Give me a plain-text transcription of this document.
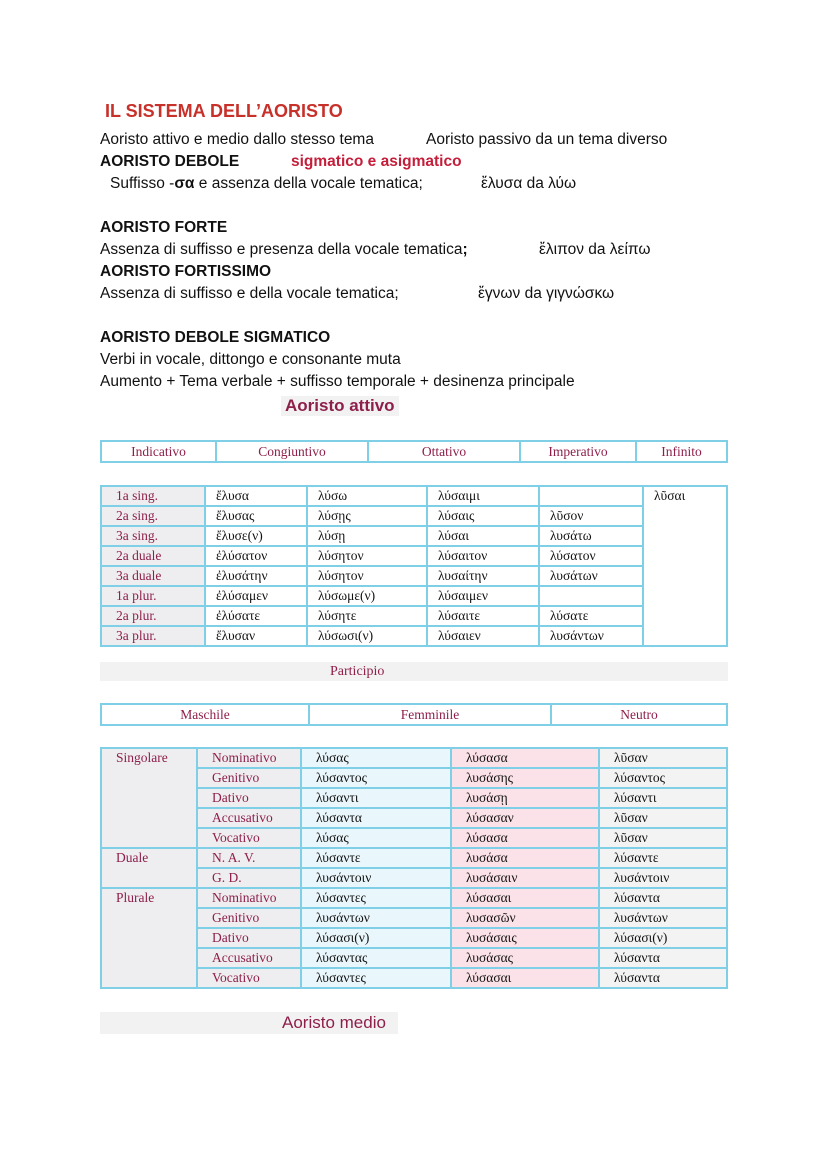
IL SISTEMA DELL’AORISTO
Aoristo attivo e medio dallo stesso tema	Aoristo passivo da un tema diverso
AORISTO DEBOLE	sigmatico e asigmatico
Suffisso -σα e assenza della vocale tematica;	ἔλυσα da λύω
AORISTO FORTE
Assenza di suffisso e presenza della vocale tematica;	ἔλιπον da λείπω
AORISTO FORTISSIMO
Assenza di suffisso e della vocale tematica;	ἔγνων da γιγνώσκω
AORISTO DEBOLE SIGMATICO
Verbi in vocale, dittongo e consonante muta
Aumento + Tema verbale + suffisso temporale + desinenza principale
Aoristo attivo
Indicativo	Congiuntivo	Ottativo	Imperativo	Infinito
1a sing.	ἔλυσα	λύσω	λύσαιμι		λῦσαι
2a sing.	ἔλυσας	λύσῃς	λύσαις	λῦσον	
3a sing.	ἔλυσε(ν)	λύσῃ	λύσαι	λυσάτω	
2a duale	ἐλύσατον	λύσητον	λύσαιτον	λύσατον	
3a duale	ἐλυσάτην	λύσητον	λυσαίτην	λυσάτων	
1a plur.	ἐλύσαμεν	λύσωμε(ν)	λύσαιμεν		
2a plur.	ἐλύσατε	λύσητε	λύσαιτε	λύσατε	
3a plur.	ἔλυσαν	λύσωσι(ν)	λύσαιεν	λυσάντων	
Participio
Maschile	Femminile	Neutro
Singolare	Nominativo	λύσας	λύσασα	λῦσαν
	Genitivo	λύσαντος	λυσάσης	λύσαντος
	Dativo	λύσαντι	λυσάσῃ	λύσαντι
	Accusativo	λύσαντα	λύσασαν	λῦσαν
	Vocativo	λύσας	λύσασα	λῦσαν
Duale	N. A. V.	λύσαντε	λυσάσα	λύσαντε
	G. D.	λυσάντοιν	λυσάσαιν	λυσάντοιν
Plurale	Nominativo	λύσαντες	λύσασαι	λύσαντα
	Genitivo	λυσάντων	λυσασῶν	λυσάντων
	Dativo	λύσασι(ν)	λυσάσαις	λύσασι(ν)
	Accusativo	λύσαντας	λυσάσας	λύσαντα
	Vocativo	λύσαντες	λύσασαι	λύσαντα
Aoristo medio
